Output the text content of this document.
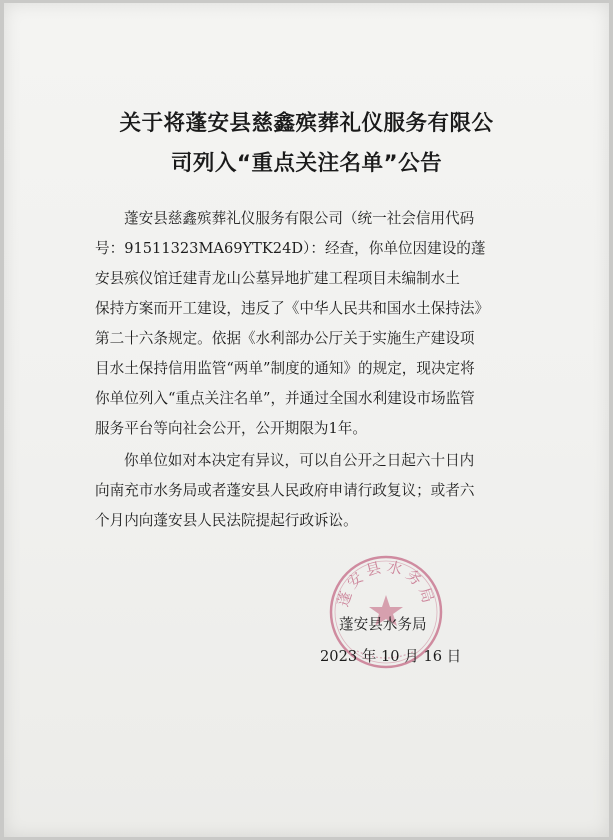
关于将蓬安县慈鑫殡葬礼仪服务有限公
司列入“重点关注名单”公告
蓬安县慈鑫殡葬礼仪服务有限公司（统一社会信用代码
号：91511323MA69YTK24D）：经查，你单位因建设的蓬
安县殡仪馆迁建青龙山公墓异地扩建工程项目未编制水土
保持方案而开工建设，违反了《中华人民共和国水土保持法》
第二十六条规定。依据《水利部办公厅关于实施生产建设项
目水土保持信用监管“两单”制度的通知》的规定，现决定将
你单位列入“重点关注名单”，并通过全国水利建设市场监管
服务平台等向社会公开，公开期限为1年。
你单位如对本决定有异议，可以自公开之日起六十日内
向南充市水务局或者蓬安县人民政府申请行政复议；或者六
个月内向蓬安县人民法院提起行政诉讼。
蓬安县水务局
蓬安县水务局
2023 年 10 月 16 日
